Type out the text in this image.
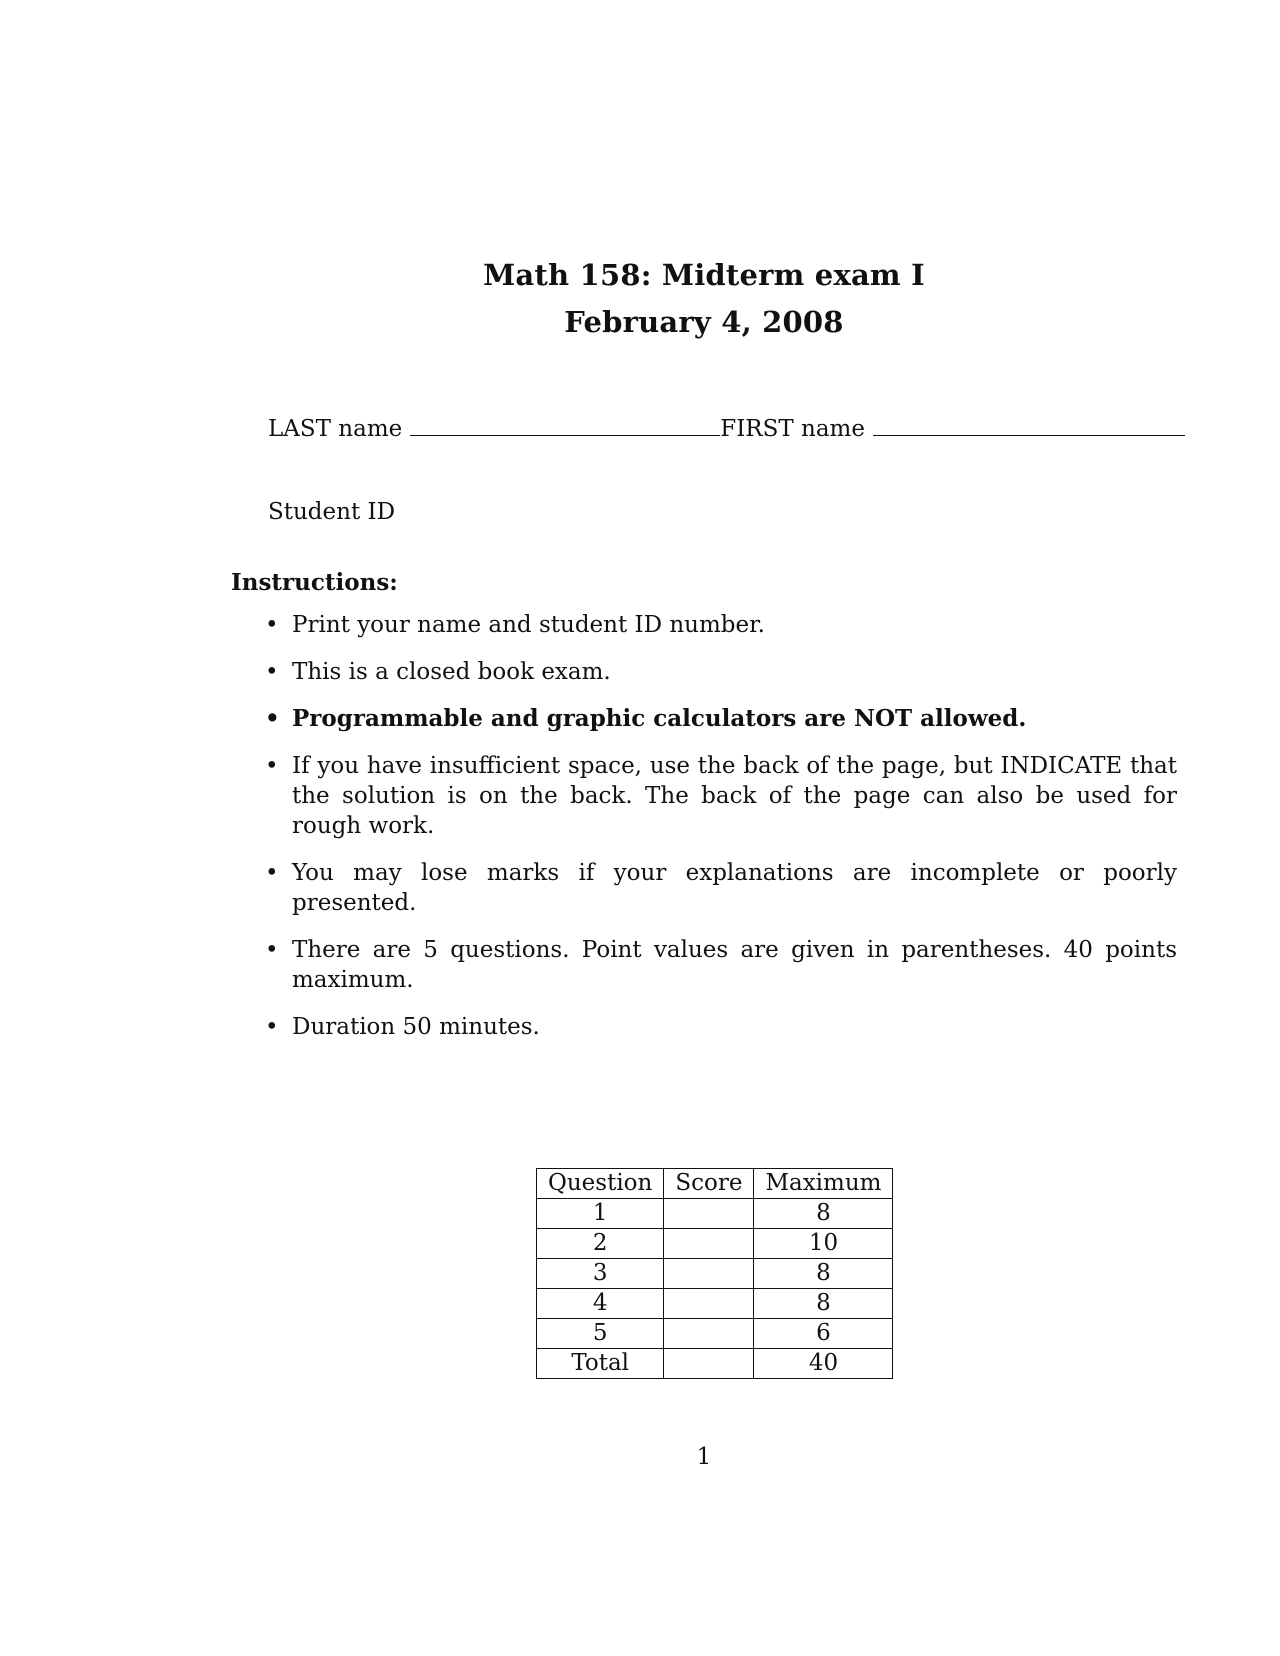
Math 158: Midterm exam I
February 4, 2008
LAST name	FIRST name
Student ID
Instructions:
• Print your name and student ID number.
• This is a closed book exam.
• Programmable and graphic calculators are NOT allowed.
• If you have insufficient space, use the back of the page, but INDICATE that the solution is on the back. The back of the page can also be used for rough work.
• You may lose marks if your explanations are incomplete or poorly presented.
• There are 5 questions. Point values are given in parentheses. 40 points maximum.
• Duration 50 minutes.
Question	Score	Maximum
1		8
2		10
3		8
4		8
5		6
Total		40
1
